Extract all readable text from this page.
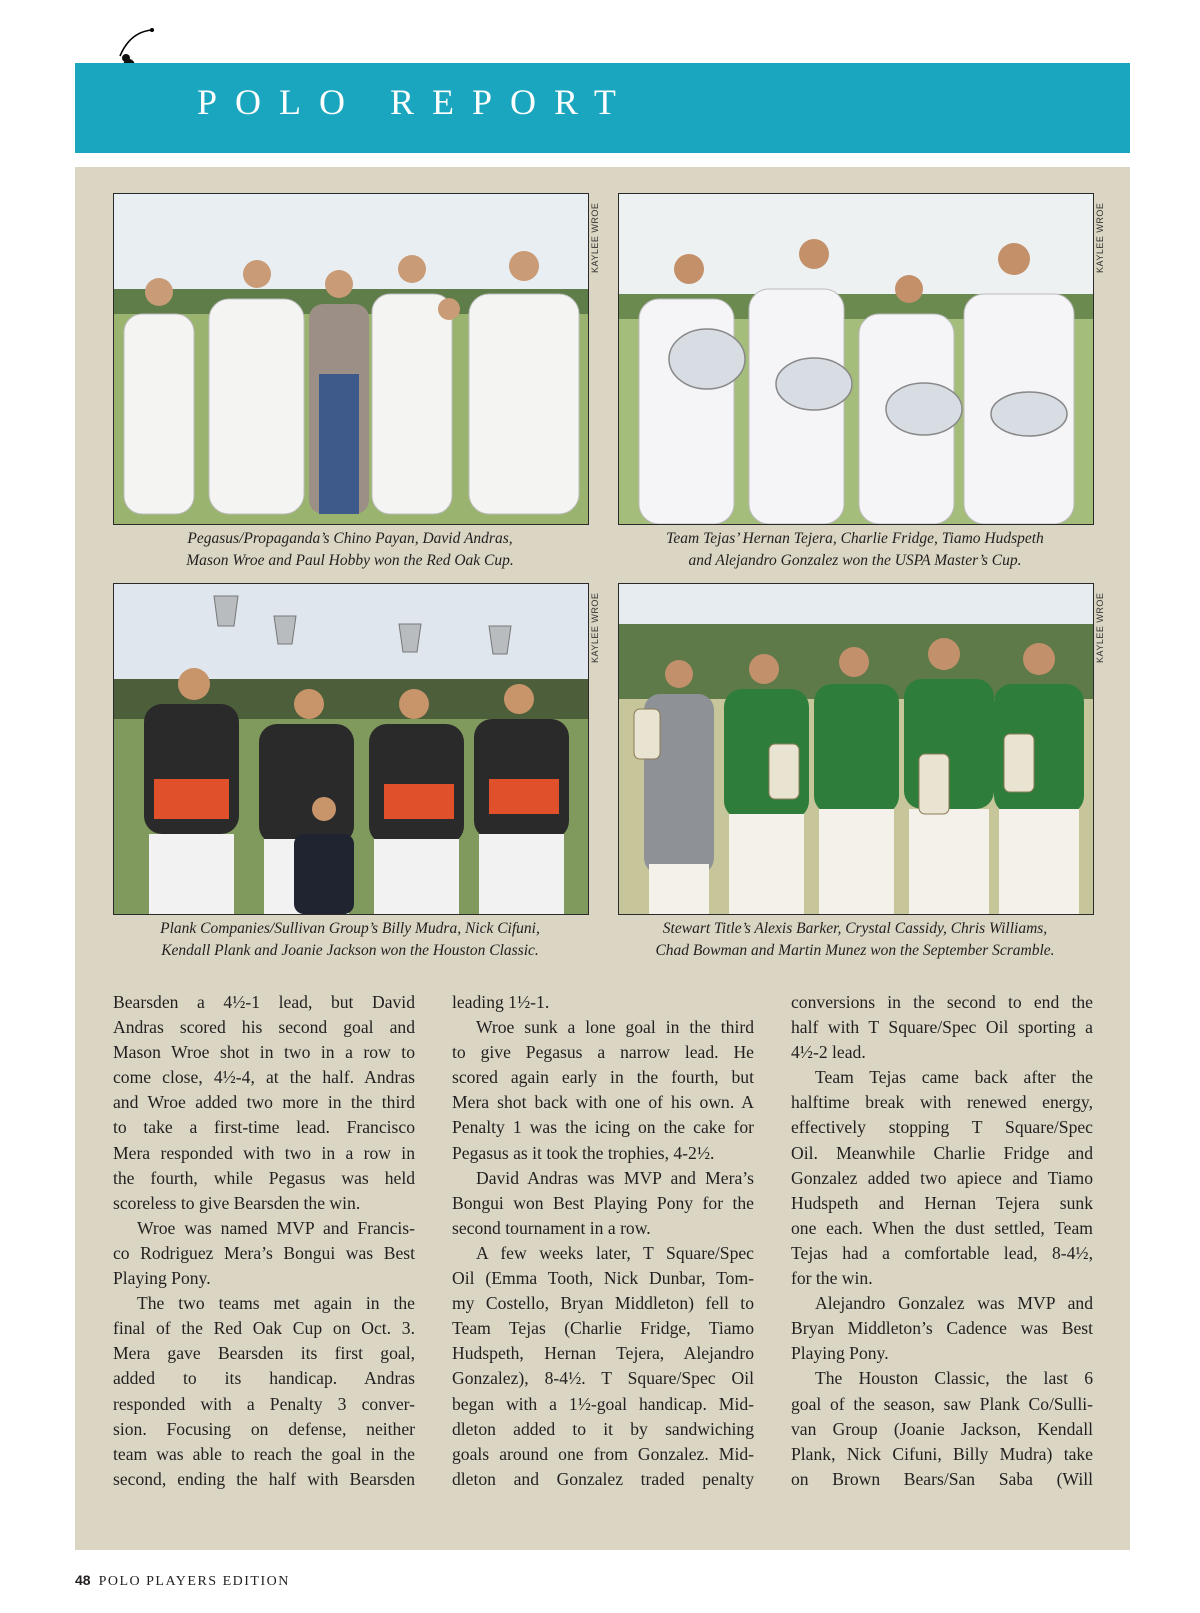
POLO REPORT
KAYLEE WROE
Pegasus/Propaganda’s Chino Payan, David Andras,
Mason Wroe and Paul Hobby won the Red Oak Cup.
KAYLEE WROE
Team Tejas’ Hernan Tejera, Charlie Fridge, Tiamo Hudspeth
and Alejandro Gonzalez won the USPA Master’s Cup.
KAYLEE WROE
Plank Companies/Sullivan Group’s Billy Mudra, Nick Cifuni,
Kendall Plank and Joanie Jackson won the Houston Classic.
KAYLEE WROE
Stewart Title’s Alexis Barker, Crystal Cassidy, Chris Williams,
Chad Bowman and Martin Munez won the September Scramble.
Bearsden a 4½-1 lead, but David
Andras scored his second goal and
Mason Wroe shot in two in a row to
come close, 4½-4, at the half. Andras
and Wroe added two more in the third
to take a first-time lead. Francisco
Mera responded with two in a row in
the fourth, while Pegasus was held
scoreless to give Bearsden the win.
Wroe was named MVP and Francis-
co Rodriguez Mera’s Bongui was Best
Playing Pony.
The two teams met again in the
final of the Red Oak Cup on Oct. 3.
Mera gave Bearsden its first goal,
added to its handicap. Andras
responded with a Penalty 3 conver-
sion. Focusing on defense, neither
team was able to reach the goal in the
second, ending the half with Bearsden
leading 1½-1.
Wroe sunk a lone goal in the third
to give Pegasus a narrow lead. He
scored again early in the fourth, but
Mera shot back with one of his own. A
Penalty 1 was the icing on the cake for
Pegasus as it took the trophies, 4-2½.
David Andras was MVP and Mera’s
Bongui won Best Playing Pony for the
second tournament in a row.
A few weeks later, T Square/Spec
Oil (Emma Tooth, Nick Dunbar, Tom-
my Costello, Bryan Middleton) fell to
Team Tejas (Charlie Fridge, Tiamo
Hudspeth, Hernan Tejera, Alejandro
Gonzalez), 8-4½. T Square/Spec Oil
began with a 1½-goal handicap. Mid-
dleton added to it by sandwiching
goals around one from Gonzalez. Mid-
dleton and Gonzalez traded penalty
conversions in the second to end the
half with T Square/Spec Oil sporting a
4½-2 lead.
Team Tejas came back after the
halftime break with renewed energy,
effectively stopping T Square/Spec
Oil. Meanwhile Charlie Fridge and
Gonzalez added two apiece and Tiamo
Hudspeth and Hernan Tejera sunk
one each. When the dust settled, Team
Tejas had a comfortable lead, 8-4½,
for the win.
Alejandro Gonzalez was MVP and
Bryan Middleton’s Cadence was Best
Playing Pony.
The Houston Classic, the last 6
goal of the season, saw Plank Co/Sulli-
van Group (Joanie Jackson, Kendall
Plank, Nick Cifuni, Billy Mudra) take
on Brown Bears/San Saba (Will
48 POLO PLAYERS EDITION
